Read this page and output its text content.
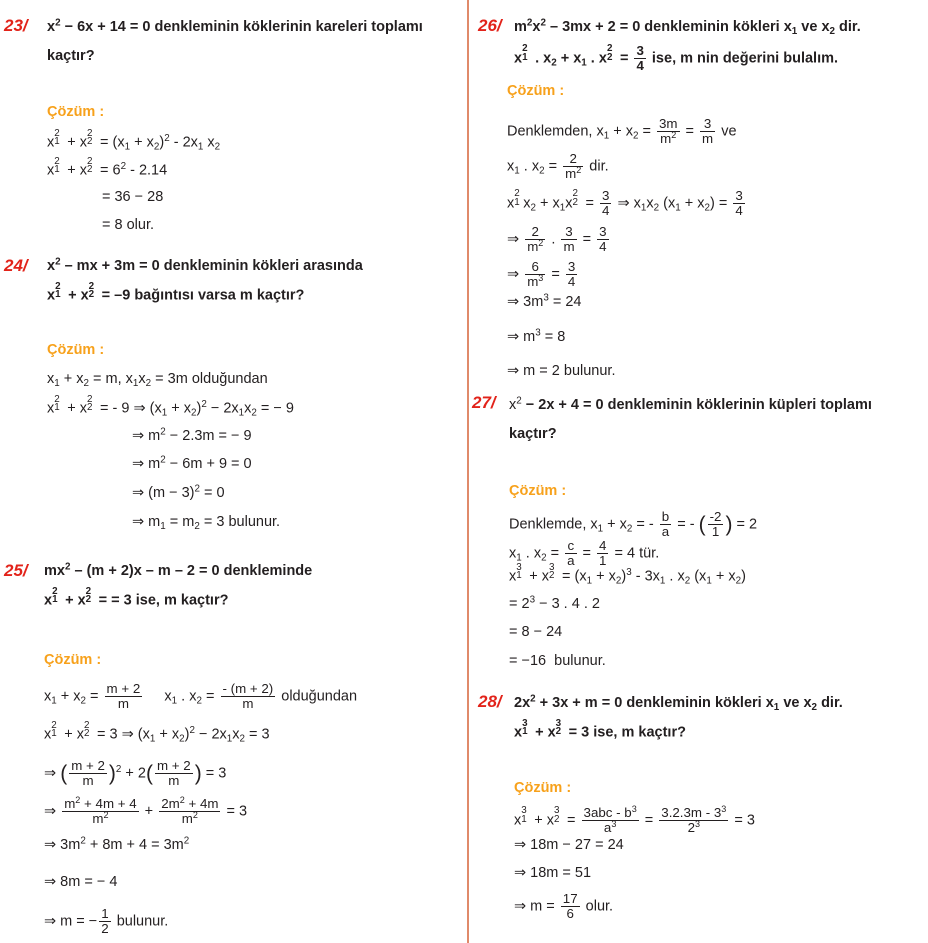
23/ $x^2 - 6x + 14 = 0$ denkleminin köklerinin kareleri toplamı
kaçtır?
Çözüm :
x
2
1 + x
2
$2 = (x_1 + x_2)^2 - 2x_1$ $x_2$
x
2
1 + x
2
$2 = 6^2 - 2.14$
= 36 − 28
= 8 olur.
24/ $x^2$ – mx + 3m = 0 denkleminin kökleri arasında
x
2
1 + x
2
2 = –9 bağıntısı varsa m kaçtır?
Çözüm :
$x_1 + x_2 = m$, $x_1x_2 = 3m$ olduğundan
x
2
1 + x
2
2 = - 9 ⇒ $(x_1 + x_2)^2 - 2x_1x_2$ = − 9
⇒ $m^2 - 2.3m$ = − 9
⇒ $m^2 - 6m + 9 = 0$
⇒ $(m - 3)^2 = 0$
⇒ $m_1 = m_2 = 3$ bulunur.
25/ $mx^2 - (m + 2)x - m - 2 = 0$ denkleminde
x
2
1 + x
2
2 = = 3 ise, m kaçtır?
Çözüm :
$x_1 + x_2 = \frac{m + 2}{m} x_1$ . $x_2 = \frac{- (m + 2)}{m}$ olduğundan
x
2
1 + x
2
2 = 3 ⇒ $(x_1 + x_2)^2 - 2x_1x_2 = 3$
⇒ ( $\frac{m + 2}{m} )^2 + 2( \frac{m + 2}{m}$ ) = 3
⇒ $\frac{m^2 + 4m + 4}{m^2} + \frac{2m^2 + 4m}{m^2} = 3$
⇒ $3m^2 + 8m + 4 = 3m^2$
⇒ 8m = − 4
⇒ m = − $\frac{1}{2}$ bulunur.
26/ $m^2x^2 - 3mx + 2 = 0$ denkleminin kökleri $x_1$ ve $x_2$ dir.
x
2
1 . $x_2 + x_1$ . x
2
$2 = \frac{3}{4}$ ise, m nin değerini bulalım.
Çözüm :
Denklemden, $x_1 + x_2 = \frac{3m}{m^2} = \frac{3}{m}$ ve
$x_1$ . $x_2 = \frac{2}{m^2}$ dir.
x
2
1 $x_2 + x_1x$
2
$2 = \frac{3}{4}$ ⇒ $x_1x_2$ $(x_1 + x_2) = \frac{3}{4}$
⇒ $\frac{2}{m^2}$ . $\frac{3}{m} = \frac{3}{4}$
⇒ $\frac{6}{m^3} = \frac{3}{4}$
⇒ $3m^3 = 24$
⇒ $m^3 = 8$
⇒ m = 2 bulunur.
27/ $x^2 - 2x + 4 = 0$ denkleminin köklerinin küpleri toplamı
kaçtır?
Çözüm :
Denklemde, $x_1 + x_2$ = - $\frac{b}{a}$ = - ( $\frac{-2}{1}$ ) = 2
$x_1$ . $x_2 = \frac{c}{a} = \frac{4}{1} = 4$ tür.
x
3
1 + x
3
$2 = (x_1 + x_2)^3 - 3x_1$ . $x_2$ $(x_1 + x_2)$
= $2^3 - 3$ . 4 . 2
= 8 − 24
= −16  bulunur.
28/ $2x^2 + 3x + m = 0$ denkleminin kökleri $x_1$ ve $x_2$ dir.
x
3
1 + x
3
2 = 3 ise, m kaçtır?
Çözüm :
x
3
1 + x
3
$2 = \frac{3abc - b^3}{a^3} = \frac{3.2.3m - 3^3}{2^3} = 3$
⇒ 18m − 27 = 24
⇒ 18m = 51
⇒ $m = \frac{17}{6}$ olur.
